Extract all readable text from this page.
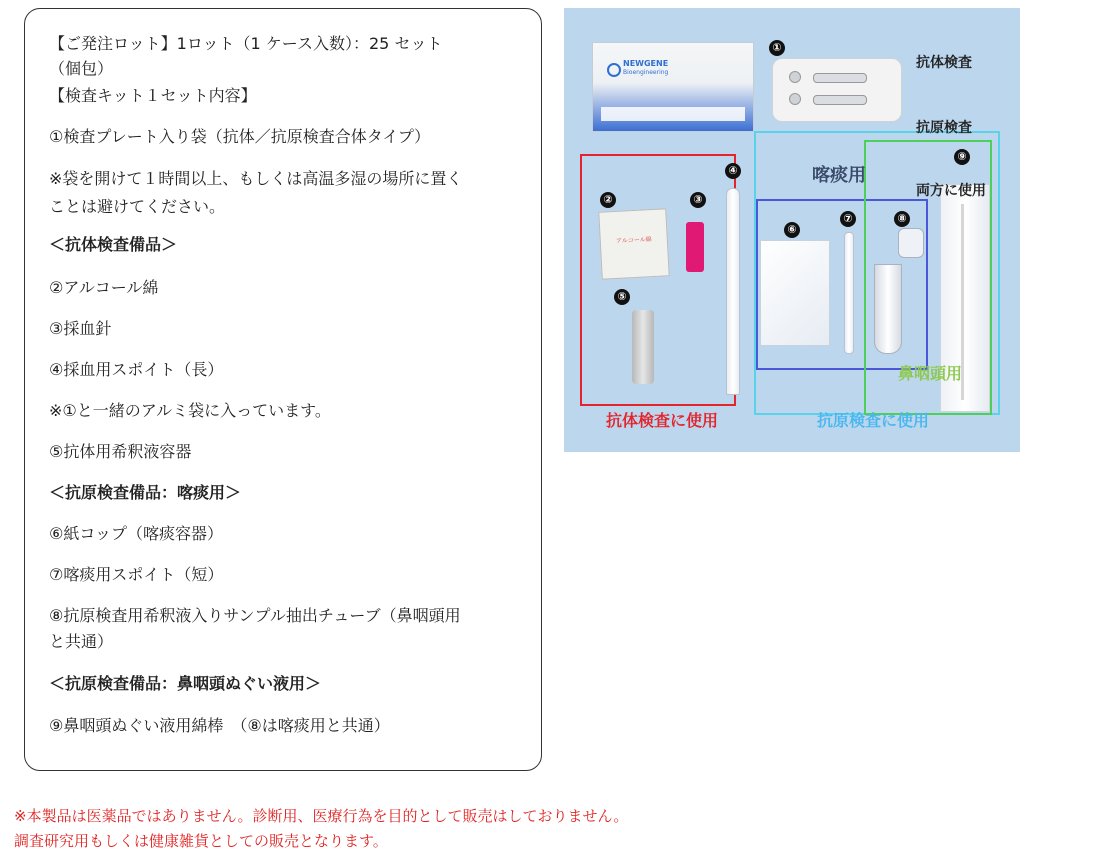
【ご発注ロット】1ロット（1 ケース入数）：25 セット
（個包）
【検査キット１セット内容】
①検査プレート入り袋（抗体／抗原検査合体タイプ）
※袋を開けて１時間以上、もしくは高温多湿の場所に置く
ことは避けてください。
＜抗体検査備品＞
②アルコール綿
③採血針
④採血用スポイト（長）
※①と一緒のアルミ袋に入っています。
⑤抗体用希釈液容器
＜抗原検査備品：喀痰用＞
⑥紙コップ（喀痰容器）
⑦喀痰用スポイト（短）
⑧抗原検査用希釈液入りサンプル抽出チューブ（鼻咽頭用
と共通）
＜抗原検査備品：鼻咽頭ぬぐい液用＞
⑨鼻咽頭ぬぐい液用綿棒　（⑧は喀痰用と共通）
NEWGENE
Bioengineering
アルコール綿
①
②	③
④
⑤
⑥
⑦	⑧
⑨
抗体検査
抗原検査
喀痰用
両方に使用
鼻咽頭用
抗体検査に使用	抗原検査に使用
※本製品は医薬品ではありません。診断用、医療行為を目的として販売はしておりません。
調査研究用もしくは健康雑貨としての販売となります。
